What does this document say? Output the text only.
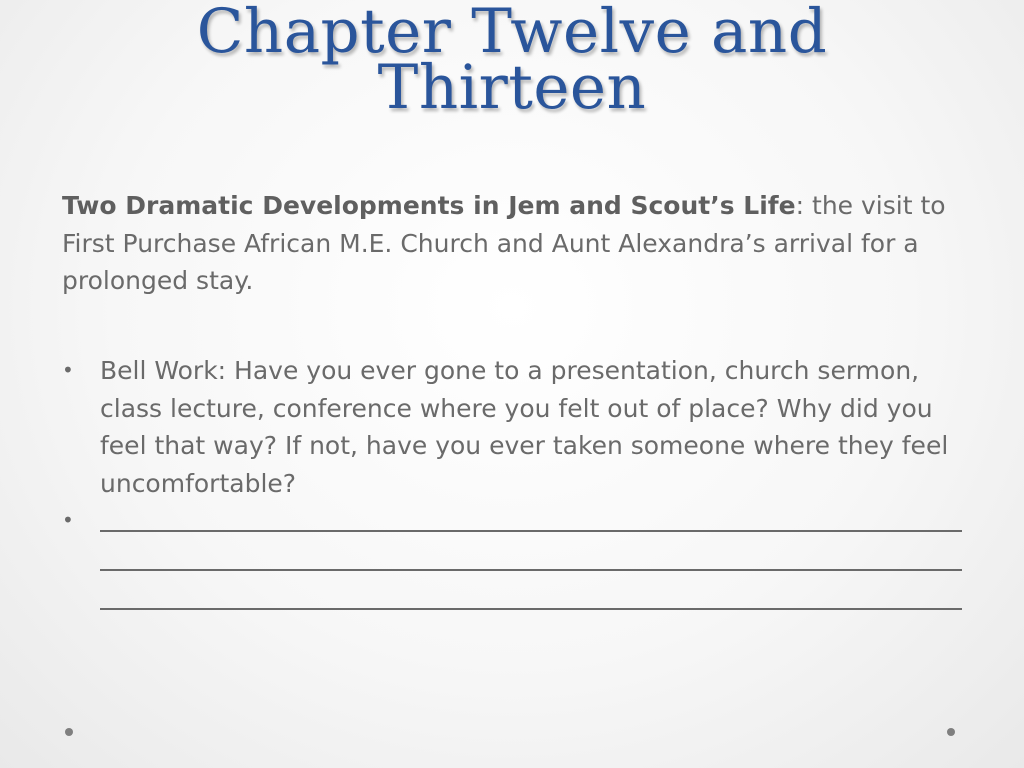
Chapter Twelve and
Thirteen
Two Dramatic Developments in Jem and Scout’s Life: the visit to First Purchase African M.E. Church and Aunt Alexandra’s arrival for a prolonged stay.
•	Bell Work: Have you ever gone to a presentation, church sermon, class lecture, conference where you felt out of place? Why did you feel that way? If not, have you ever taken someone where they feel uncomfortable?
•
